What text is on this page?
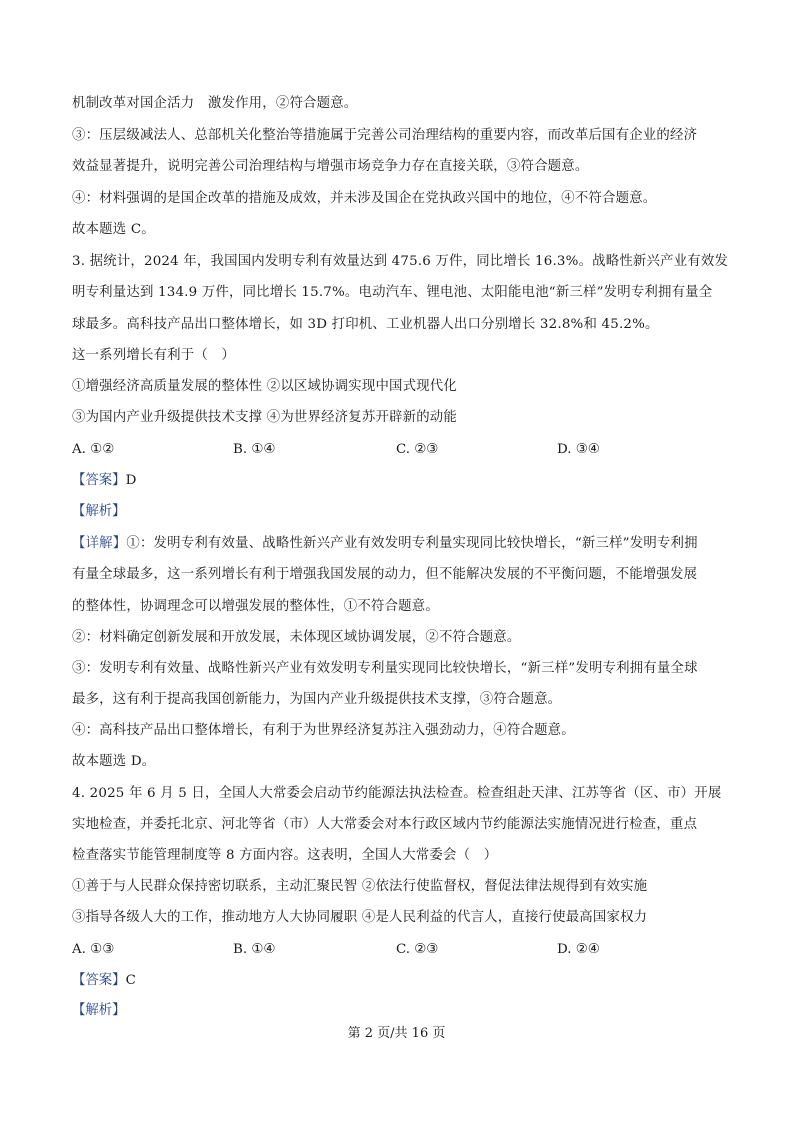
机制改革对国企活力　激发作用，②符合题意。
③：压层级减法人、总部机关化整治等措施属于完善公司治理结构的重要内容，而改革后国有企业的经济
效益显著提升，说明完善公司治理结构与增强市场竞争力存在直接关联，③符合题意。
④：材料强调的是国企改革的措施及成效，并未涉及国企在党执政兴国中的地位，④不符合题意。
故本题选 C。
3. 据统计，2024 年，我国国内发明专利有效量达到 475.6 万件，同比增长 16.3%。战略性新兴产业有效发
明专利量达到 134.9 万件，同比增长 15.7%。电动汽车、锂电池、太阳能电池“新三样”发明专利拥有量全
球最多。高科技产品出口整体增长，如 3D 打印机、工业机器人出口分别增长 32.8%和 45.2%。
这一系列增长有利于（　）
①增强经济高质量发展的整体性 ②以区域协调实现中国式现代化
③为国内产业升级提供技术支撑 ④为世界经济复苏开辟新的动能
A. ①②	B. ①④	C. ②③	D. ③④
【答案】D
【解析】
【详解】①：发明专利有效量、战略性新兴产业有效发明专利量实现同比较快增长，“新三样”发明专利拥
有量全球最多，这一系列增长有利于增强我国发展的动力，但不能解决发展的不平衡问题，不能增强发展
的整体性，协调理念可以增强发展的整体性，①不符合题意。
②：材料确定创新发展和开放发展，未体现区域协调发展，②不符合题意。
③：发明专利有效量、战略性新兴产业有效发明专利量实现同比较快增长，“新三样”发明专利拥有量全球
最多，这有利于提高我国创新能力，为国内产业升级提供技术支撑，③符合题意。
④：高科技产品出口整体增长，有利于为世界经济复苏注入强劲动力，④符合题意。
故本题选 D。
4. 2025 年 6 月 5 日，全国人大常委会启动节约能源法执法检查。检查组赴天津、江苏等省（区、市）开展
实地检查，并委托北京、河北等省（市）人大常委会对本行政区域内节约能源法实施情况进行检查，重点
检查落实节能管理制度等 8 方面内容。这表明，全国人大常委会（　）
①善于与人民群众保持密切联系，主动汇聚民智 ②依法行使监督权，督促法律法规得到有效实施
③指导各级人大的工作，推动地方人大协同履职 ④是人民利益的代言人，直接行使最高国家权力
A. ①③	B. ①④	C. ②③	D. ②④
【答案】C
【解析】
第 2 页/共 16 页
